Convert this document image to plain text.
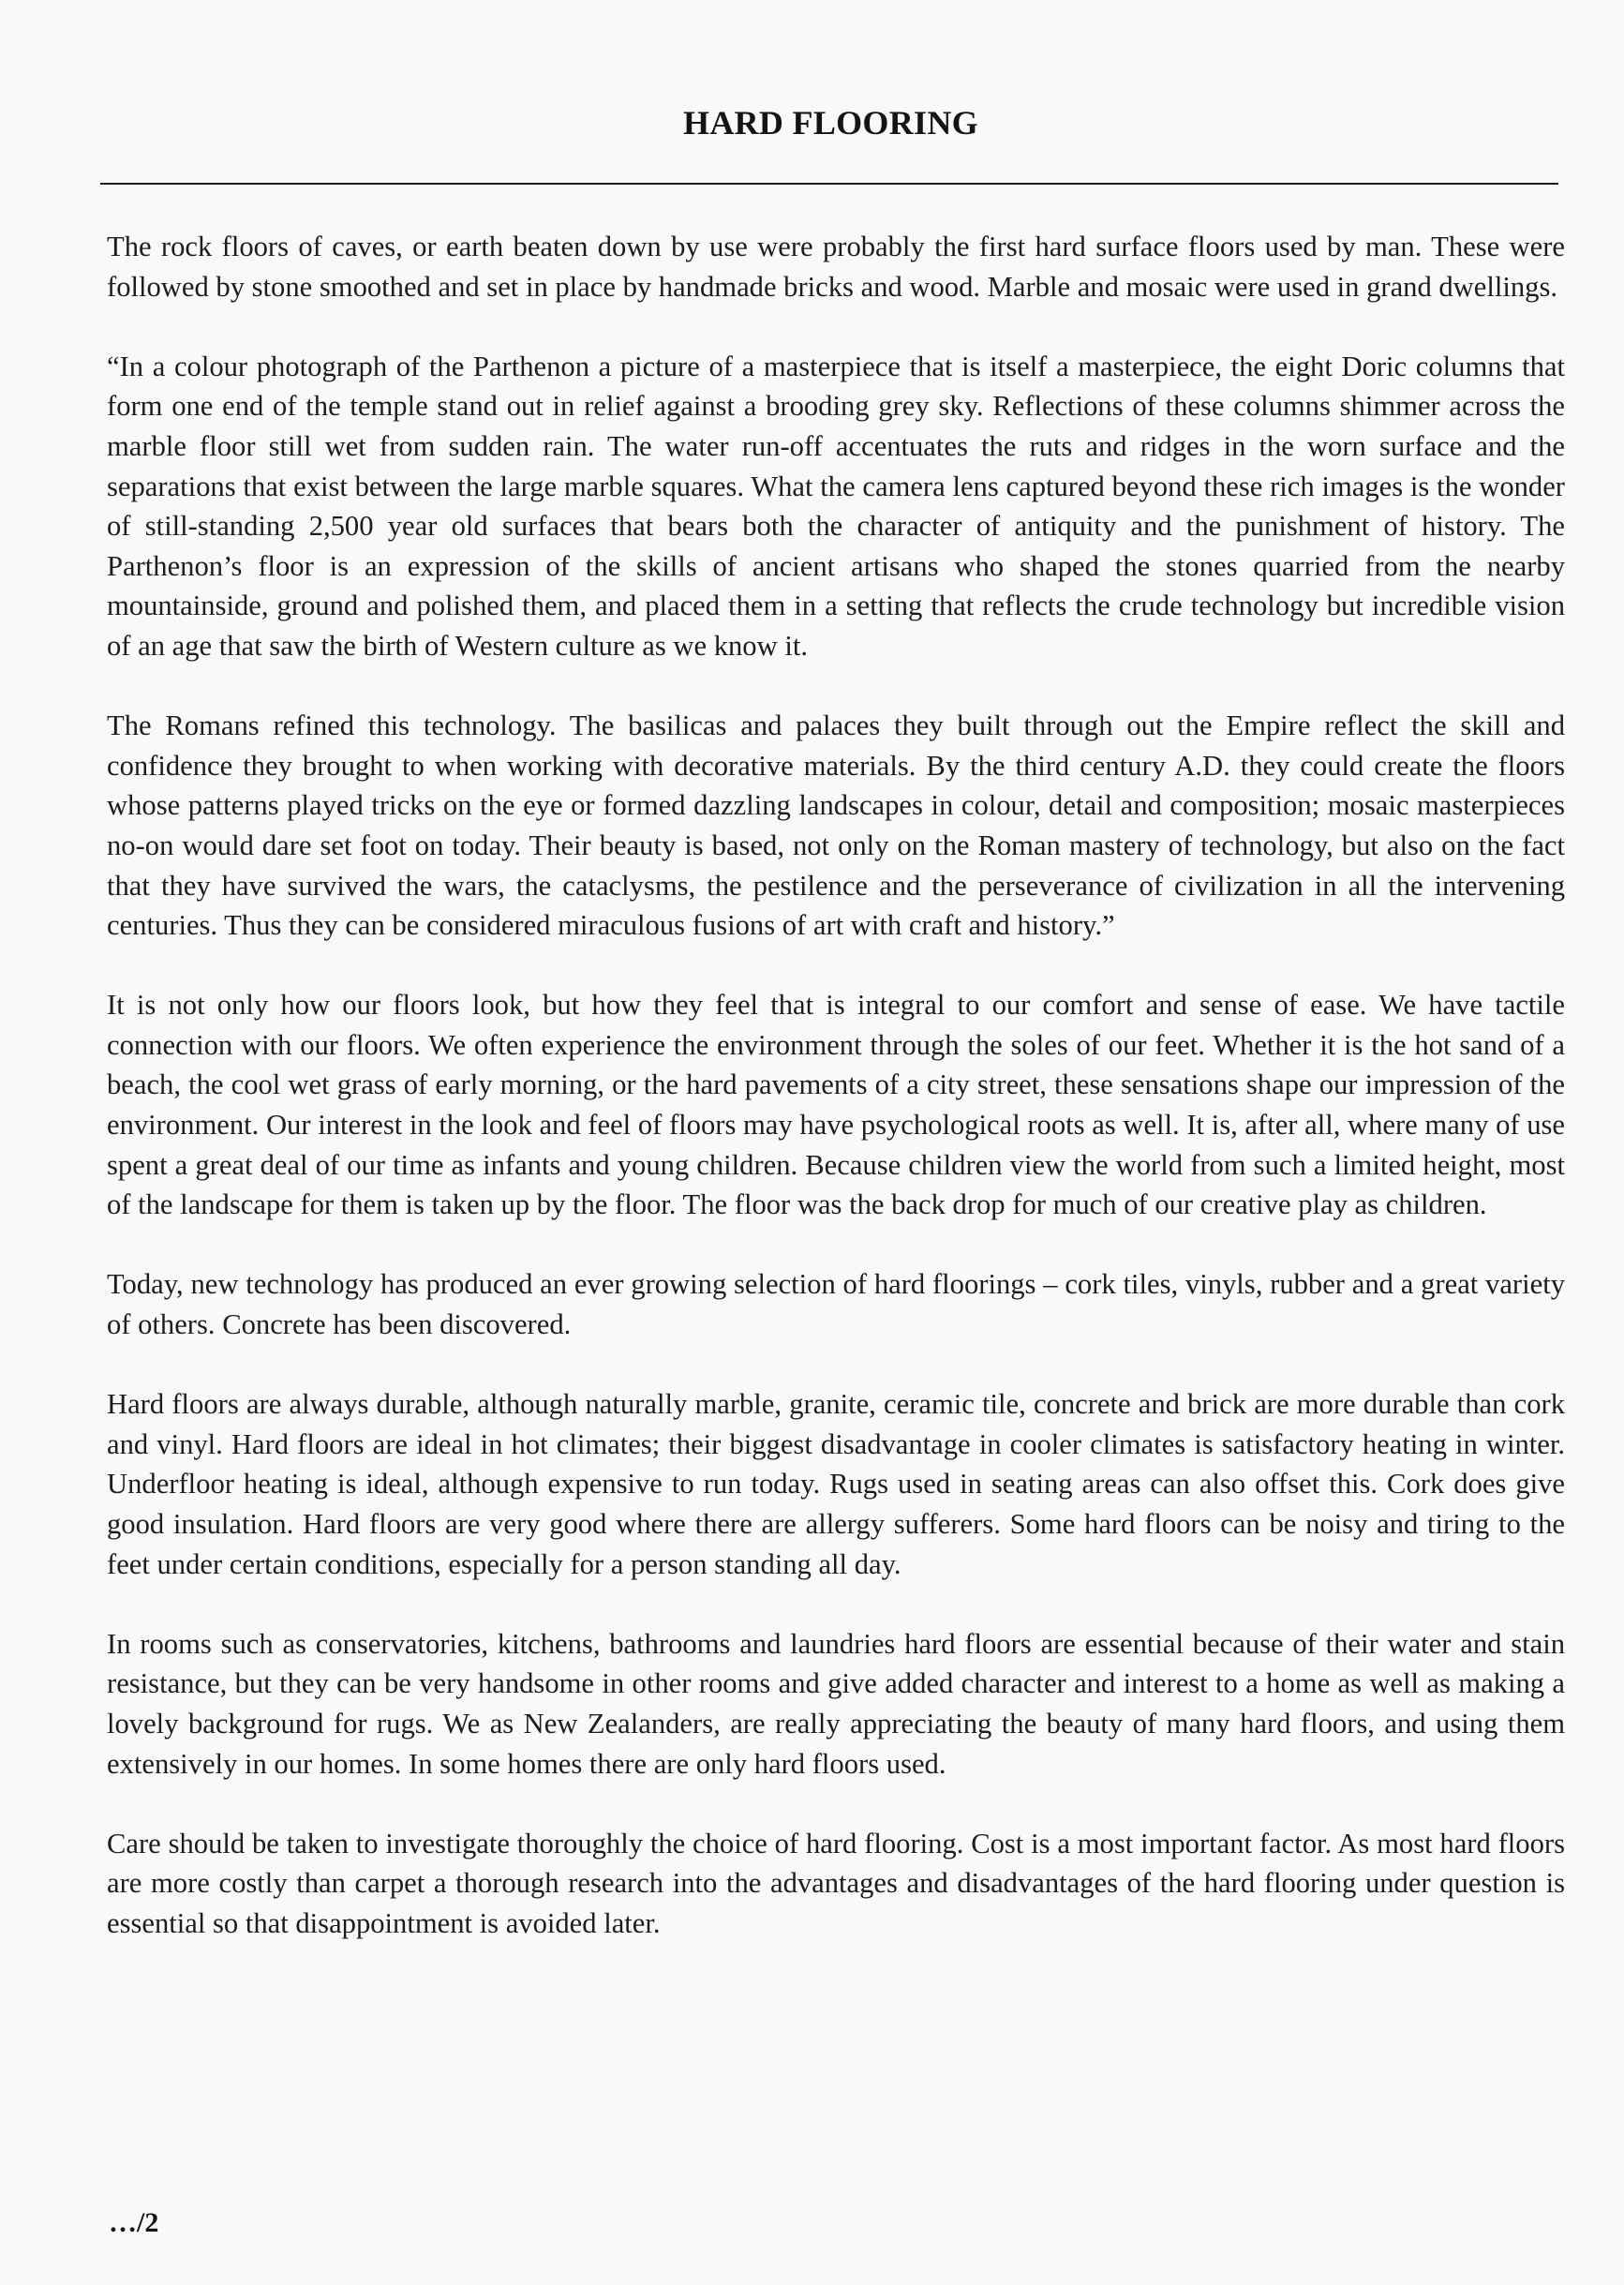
HARD FLOORING

The rock floors of caves, or earth beaten down by use were probably the first hard surface floors used by man. These were followed by stone smoothed and set in place by handmade bricks and wood. Marble and mosaic were used in grand dwellings.

“In a colour photograph of the Parthenon a picture of a masterpiece that is itself a masterpiece, the eight Doric columns that form one end of the temple stand out in relief against a brooding grey sky. Reflections of these columns shimmer across the marble floor still wet from sudden rain. The water run-off accentuates the ruts and ridges in the worn surface and the separations that exist between the large marble squares. What the camera lens captured beyond these rich images is the wonder of still-standing 2,500 year old surfaces that bears both the character of antiquity and the punishment of history. The Parthenon’s floor is an expression of the skills of ancient artisans who shaped the stones quarried from the nearby mountainside, ground and polished them, and placed them in a setting that reflects the crude technology but incredible vision of an age that saw the birth of Western culture as we know it.

The Romans refined this technology. The basilicas and palaces they built through out the Empire reflect the skill and confidence they brought to when working with decorative materials. By the third century A.D. they could create the floors whose patterns played tricks on the eye or formed dazzling landscapes in colour, detail and composition; mosaic masterpieces no-on would dare set foot on today. Their beauty is based, not only on the Roman mastery of technology, but also on the fact that they have survived the wars, the cataclysms, the pestilence and the perseverance of civilization in all the intervening centuries. Thus they can be considered miraculous fusions of art with craft and history.”

It is not only how our floors look, but how they feel that is integral to our comfort and sense of ease. We have tactile connection with our floors. We often experience the environment through the soles of our feet. Whether it is the hot sand of a beach, the cool wet grass of early morning, or the hard pavements of a city street, these sensations shape our impression of the environment. Our interest in the look and feel of floors may have psychological roots as well. It is, after all, where many of use spent a great deal of our time as infants and young children. Because children view the world from such a limited height, most of the landscape for them is taken up by the floor. The floor was the back drop for much of our creative play as children.

Today, new technology has produced an ever growing selection of hard floorings – cork tiles, vinyls, rubber and a great variety of others. Concrete has been discovered.

Hard floors are always durable, although naturally marble, granite, ceramic tile, concrete and brick are more durable than cork and vinyl. Hard floors are ideal in hot climates; their biggest disadvantage in cooler climates is satisfactory heating in winter. Underfloor heating is ideal, although expensive to run today. Rugs used in seating areas can also offset this. Cork does give good insulation. Hard floors are very good where there are allergy sufferers. Some hard floors can be noisy and tiring to the feet under certain conditions, especially for a person standing all day.

In rooms such as conservatories, kitchens, bathrooms and laundries hard floors are essential because of their water and stain resistance, but they can be very handsome in other rooms and give added character and interest to a home as well as making a lovely background for rugs. We as New Zealanders, are really appreciating the beauty of many hard floors, and using them extensively in our homes. In some homes there are only hard floors used.

Care should be taken to investigate thoroughly the choice of hard flooring. Cost is a most important factor. As most hard floors are more costly than carpet a thorough research into the advantages and disadvantages of the hard flooring under question is essential so that disappointment is avoided later.

…/2
